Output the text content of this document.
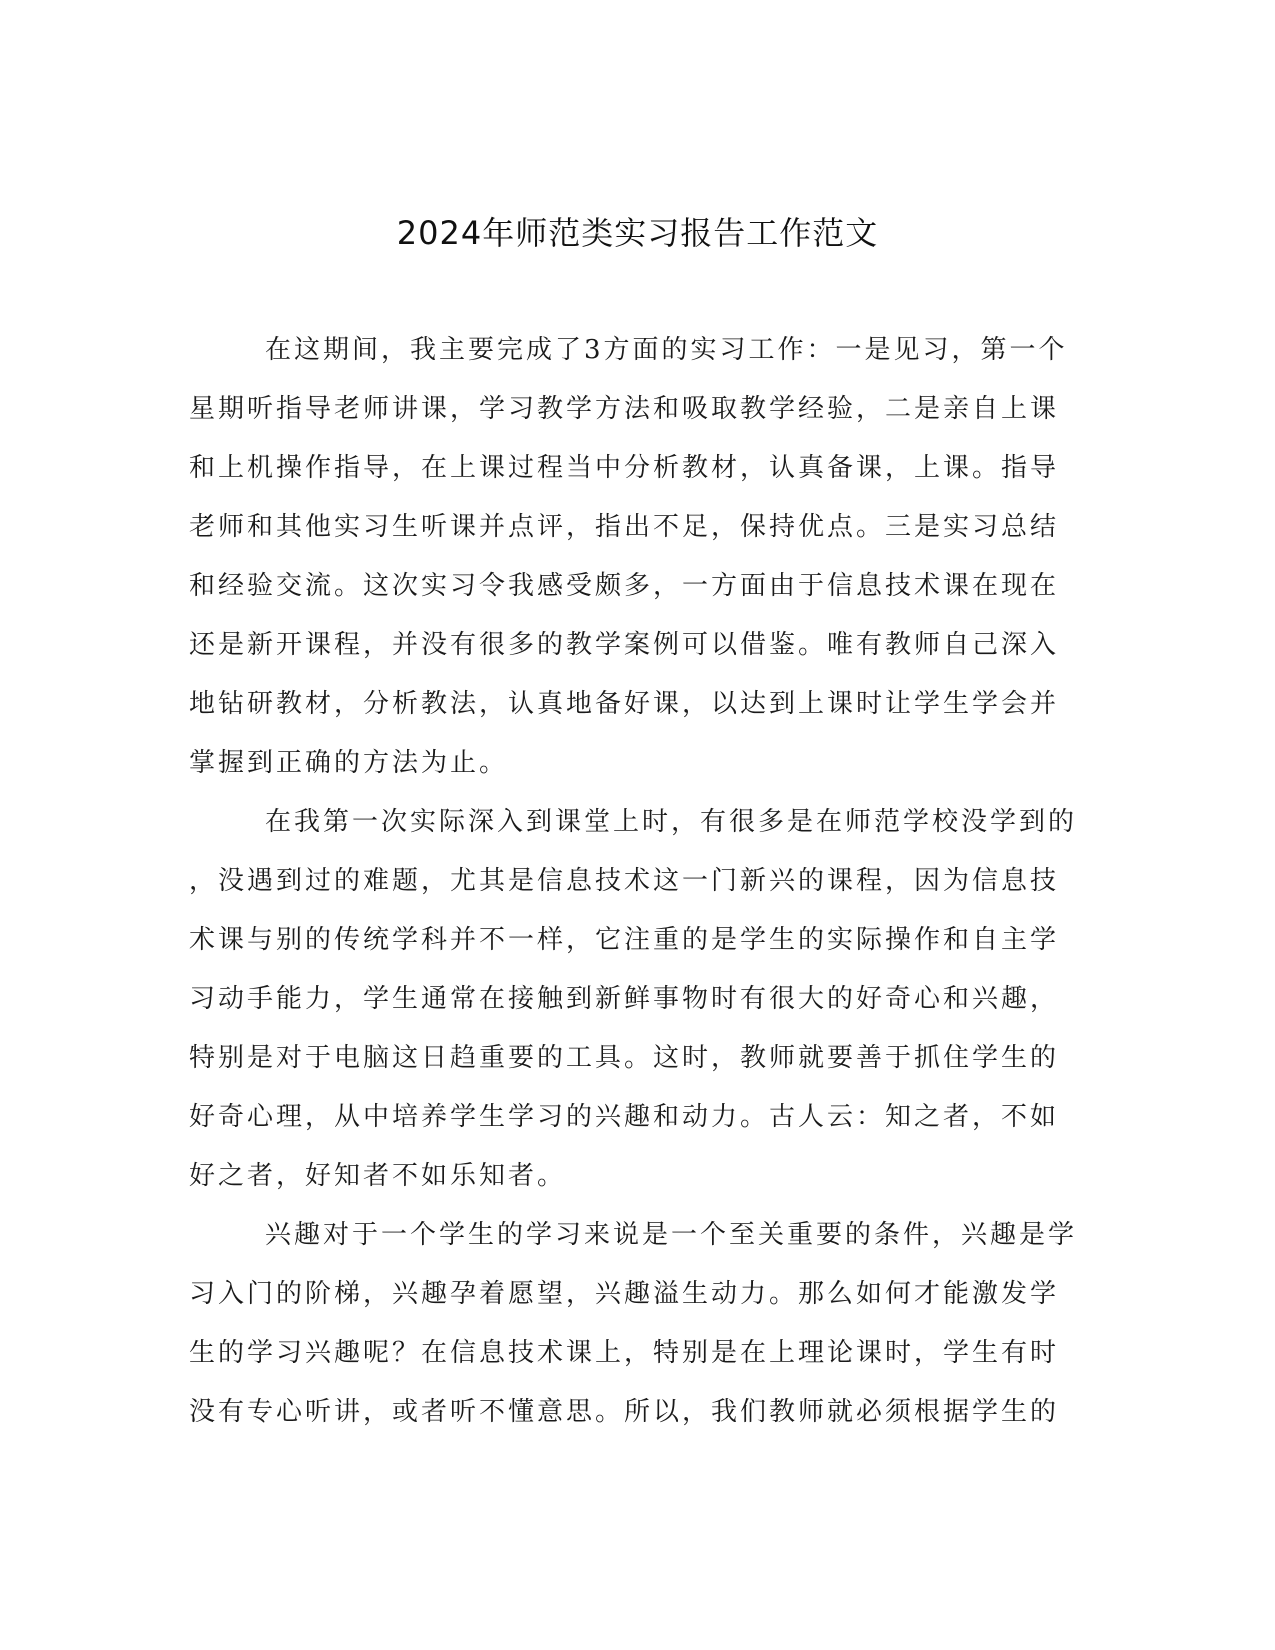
2024年师范类实习报告工作范文
在这期间，我主要完成了3方面的实习工作：一是见习，第一个
星期听指导老师讲课，学习教学方法和吸取教学经验，二是亲自上课
和上机操作指导，在上课过程当中分析教材，认真备课，上课。指导
老师和其他实习生听课并点评，指出不足，保持优点。三是实习总结
和经验交流。这次实习令我感受颇多，一方面由于信息技术课在现在
还是新开课程，并没有很多的教学案例可以借鉴。唯有教师自己深入
地钻研教材，分析教法，认真地备好课，以达到上课时让学生学会并
掌握到正确的方法为止。
在我第一次实际深入到课堂上时，有很多是在师范学校没学到的
，没遇到过的难题，尤其是信息技术这一门新兴的课程，因为信息技
术课与别的传统学科并不一样，它注重的是学生的实际操作和自主学
习动手能力，学生通常在接触到新鲜事物时有很大的好奇心和兴趣，
特别是对于电脑这日趋重要的工具。这时，教师就要善于抓住学生的
好奇心理，从中培养学生学习的兴趣和动力。古人云：知之者，不如
好之者，好知者不如乐知者。
兴趣对于一个学生的学习来说是一个至关重要的条件，兴趣是学
习入门的阶梯，兴趣孕着愿望，兴趣溢生动力。那么如何才能激发学
生的学习兴趣呢？在信息技术课上，特别是在上理论课时，学生有时
没有专心听讲，或者听不懂意思。所以，我们教师就必须根据学生的
